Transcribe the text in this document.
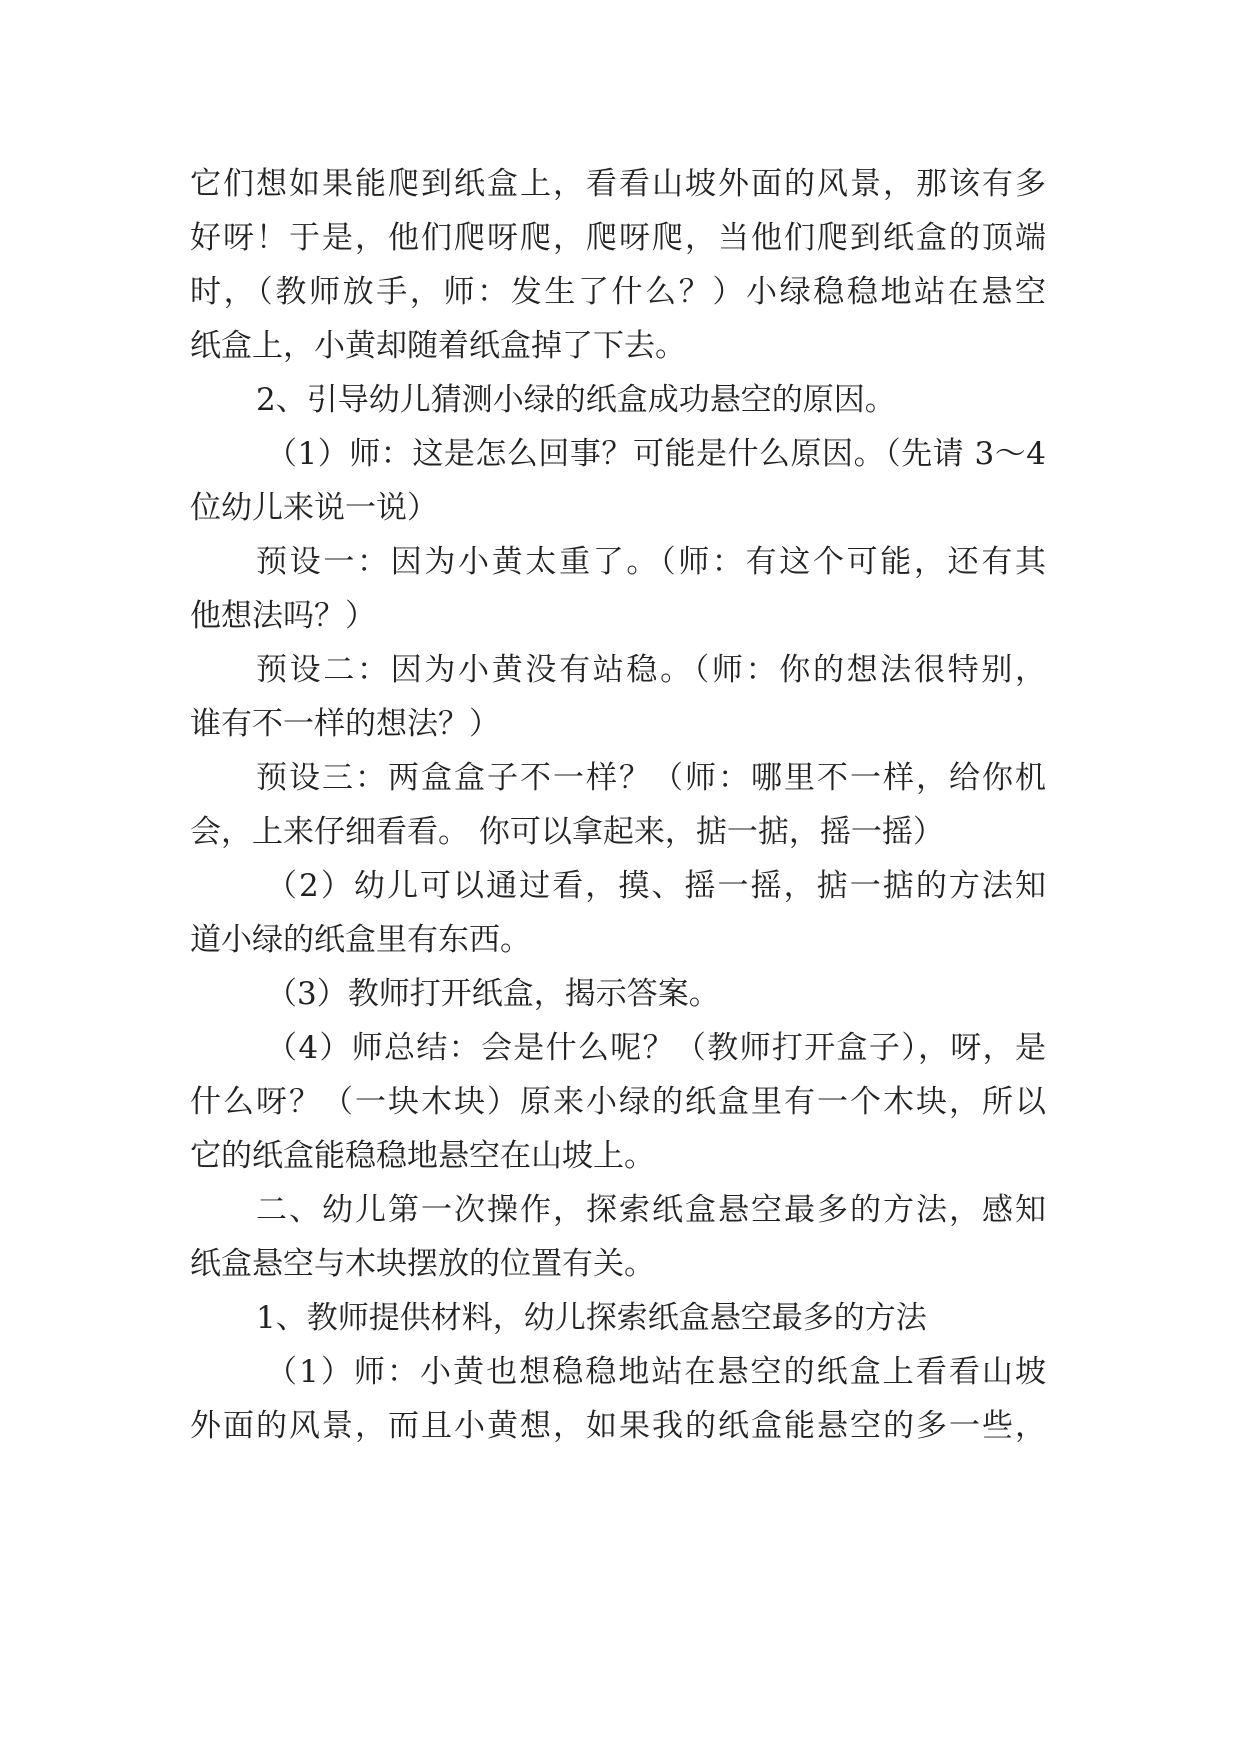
它们想如果能爬到纸盒上，看看山坡外面的风景，那该有多
好呀！于是，他们爬呀爬，爬呀爬，当他们爬到纸盒的顶端
时，（教师放手，师：发生了什么？）小绿稳稳地站在悬空
纸盒上，小黄却随着纸盒掉了下去。
2、引导幼儿猜测小绿的纸盒成功悬空的原因。
（1）师：这是怎么回事？可能是什么原因。（先请 3～4
位幼儿来说一说）
预设一：因为小黄太重了。（师：有这个可能，还有其
他想法吗？）
预设二：因为小黄没有站稳。（师：你的想法很特别，
谁有不一样的想法？）
预设三：两盒盒子不一样？（师：哪里不一样，给你机
会，上来仔细看看。 你可以拿起来，掂一掂，摇一摇）
（2）幼儿可以通过看，摸、摇一摇，掂一掂的方法知
道小绿的纸盒里有东西。
（3）教师打开纸盒，揭示答案。
（4）师总结：会是什么呢？（教师打开盒子），呀，是
什么呀？（一块木块）原来小绿的纸盒里有一个木块，所以
它的纸盒能稳稳地悬空在山坡上。
二、幼儿第一次操作，探索纸盒悬空最多的方法，感知
纸盒悬空与木块摆放的位置有关。
1、教师提供材料，幼儿探索纸盒悬空最多的方法
（1）师：小黄也想稳稳地站在悬空的纸盒上看看山坡
外面的风景，而且小黄想，如果我的纸盒能悬空的多一些，
